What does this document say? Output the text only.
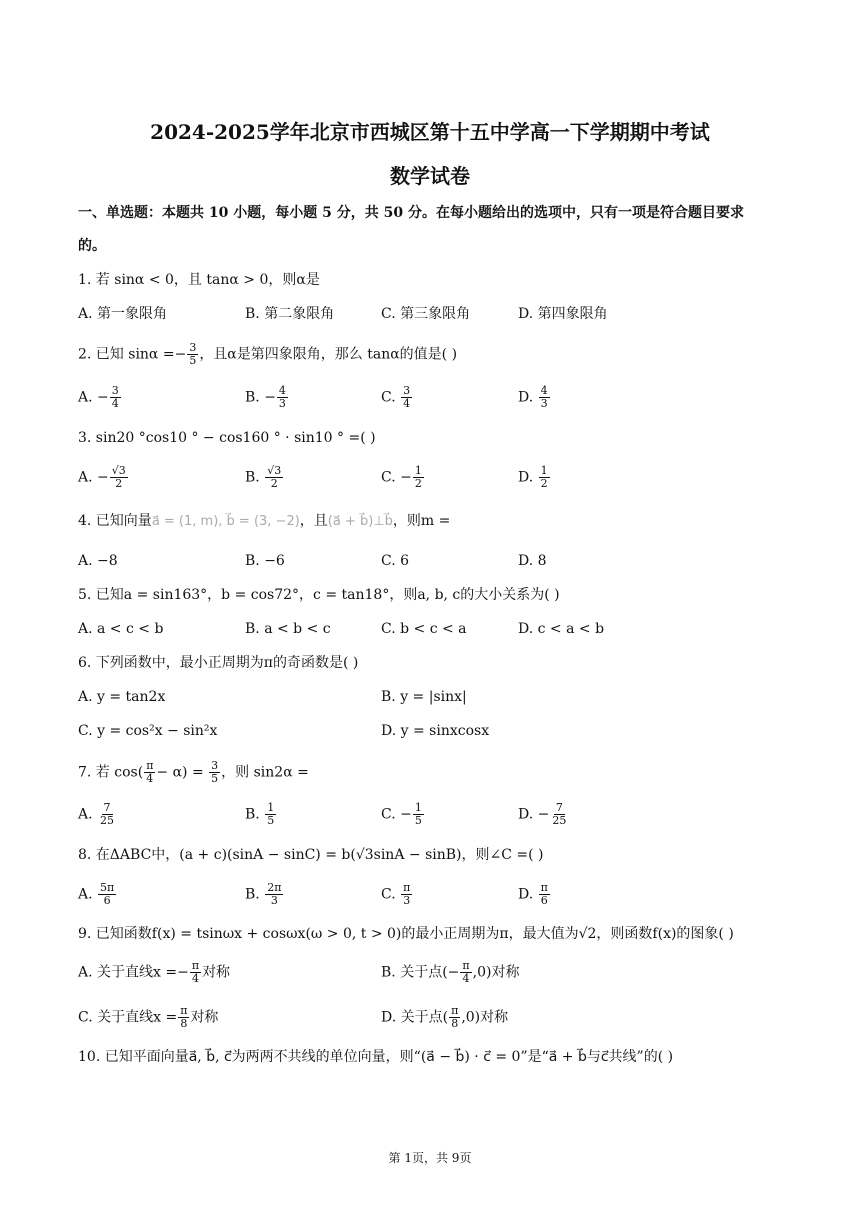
2024-2025学年北京市西城区第十五中学高一下学期期中考试
数学试卷
一、单选题：本题共 10 小题，每小题 5 分，共 50 分。在每小题给出的选项中，只有一项是符合题目要求
的。
1. 若 sinα < 0，且 tanα > 0，则α是
A. 第一象限角	B. 第二象限角	C. 第三象限角	D. 第四象限角
2. 已知 $\sin\alpha =- \frac{3}{5}$ ，且α是第四象限角，那么 tanα的值是( )
A. − $\frac{3}{4}$	B. − $\frac{4}{3}$	C. $\frac{3}{4}$	D. $\frac{4}{3}$
3. sin20 °cos10 ° − cos160 ° · sin10 ° =( )
A. − $\frac{√3}{2}$	B. $\frac{√3}{2}$	C. − $\frac{1}{2}$	D. $\frac{1}{2}$
4. 已知向量a⃗ = (1, m), b⃗ = (3, −2)，且(a⃗ + b⃗)⊥b⃗，则m =
A. −8	B. −6	C. 6	D. 8
5. 已知a = sin163°，b = cos72°，c = tan18°，则a, b, c的大小关系为( )
A. a < c < b	B. a < b < c	C. b < c < a	D. c < a < b
6. 下列函数中，最小正周期为π的奇函数是( )
A. y = tan2x	B. y = |sinx|
C. y = cos²x − sin²x	D. y = sinxcosx
7. 若 $\cos( \frac{\pi}{4} - \alpha) = \frac{3}{5}$ ，则 sin2α =
A. $\frac{7}{25}$	B. $\frac{1}{5}$	C. − $\frac{1}{5}$	D. − $\frac{7}{25}$
8. 在ΔABC中，(a + c)(sinA − sinC) = b(√3sinA − sinB)，则∠C =( )
A. $\frac{5\pi}{6}$	B. $\frac{2\pi}{3}$	C. $\frac{\pi}{3}$	D. $\frac{\pi}{6}$
9. 已知函数f(x) = tsinωx + cosωx(ω > 0, t > 0)的最小正周期为π，最大值为√2，则函数f(x)的图象( )
A. 关于直线$x =- \frac{\pi}{4}$ 对称	B. 关于点(− $\frac{\pi}{4} ,0$)对称
C. 关于直线$x = \frac{\pi}{8}$ 对称	D. 关于点( $\frac{\pi}{8} ,0$)对称
10. 已知平面向量a⃗, b⃗, c⃗为两两不共线的单位向量，则“(a⃗ − b⃗) · c⃗ = 0”是“a⃗ + b⃗与c⃗共线”的( )
第 1页，共 9页
